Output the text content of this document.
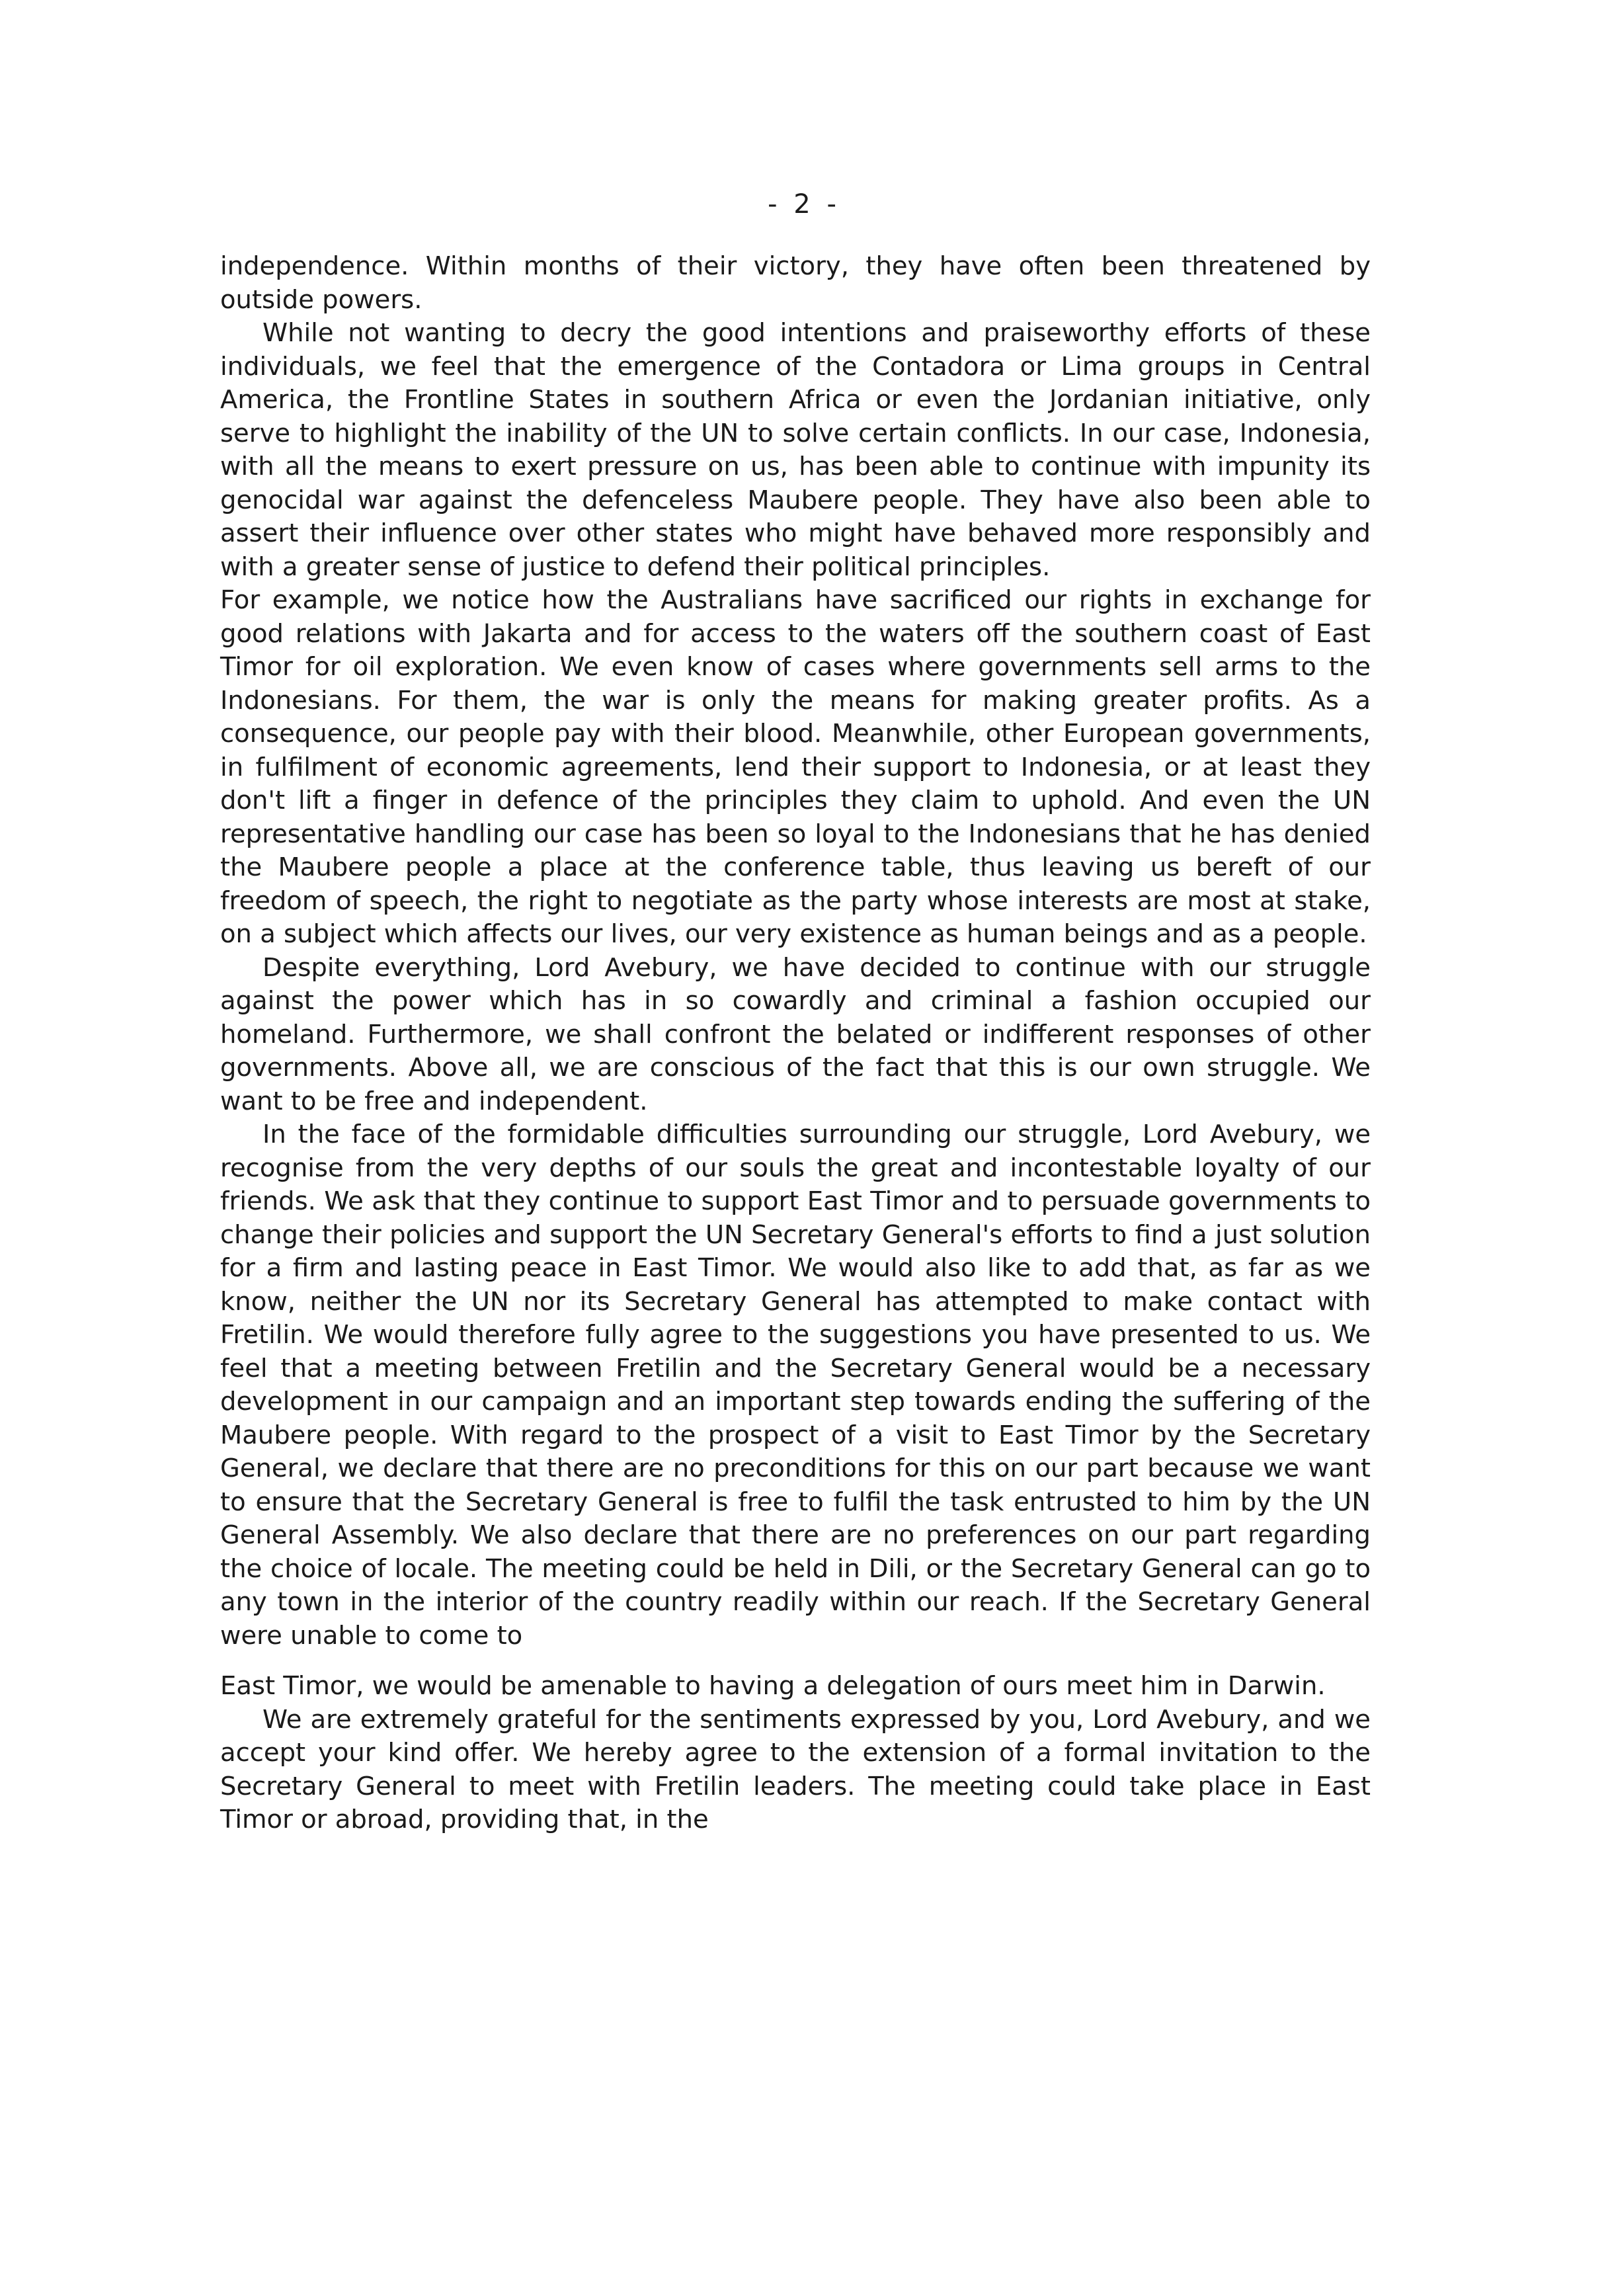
- 2 -

independence. Within months of their victory, they have often been threatened by outside powers.

While not wanting to decry the good intentions and praiseworthy efforts of these individuals, we feel that the emergence of the Contadora or Lima groups in Central America, the Frontline States in southern Africa or even the Jordanian initiative, only serve to highlight the inability of the UN to solve certain conflicts. In our case, Indonesia, with all the means to exert pressure on us, has been able to continue with impunity its genocidal war against the defenceless Maubere people. They have also been able to assert their influence over other states who might have behaved more responsibly and with a greater sense of justice to defend their political principles.

For example, we notice how the Australians have sacrificed our rights in exchange for good relations with Jakarta and for access to the waters off the southern coast of East Timor for oil exploration. We even know of cases where governments sell arms to the Indonesians. For them, the war is only the means for making greater profits. As a consequence, our people pay with their blood. Meanwhile, other European governments, in fulfilment of economic agreements, lend their support to Indonesia, or at least they don't lift a finger in defence of the principles they claim to uphold. And even the UN representative handling our case has been so loyal to the Indonesians that he has denied the Maubere people a place at the conference table, thus leaving us bereft of our freedom of speech, the right to negotiate as the party whose interests are most at stake, on a subject which affects our lives, our very existence as human beings and as a people.

Despite everything, Lord Avebury, we have decided to continue with our struggle against the power which has in so cowardly and criminal a fashion occupied our homeland. Furthermore, we shall confront the belated or indifferent responses of other governments. Above all, we are conscious of the fact that this is our own struggle. We want to be free and independent.

In the face of the formidable difficulties surrounding our struggle, Lord Avebury, we recognise from the very depths of our souls the great and incontestable loyalty of our friends. We ask that they continue to support East Timor and to persuade governments to change their policies and support the UN Secretary General's efforts to find a just solution for a firm and lasting peace in East Timor. We would also like to add that, as far as we know, neither the UN nor its Secretary General has attempted to make contact with Fretilin. We would therefore fully agree to the suggestions you have presented to us. We feel that a meeting between Fretilin and the Secretary General would be a necessary development in our campaign and an important step towards ending the suffering of the Maubere people. With regard to the prospect of a visit to East Timor by the Secretary General, we declare that there are no preconditions for this on our part because we want to ensure that the Secretary General is free to fulfil the task entrusted to him by the UN General Assembly. We also declare that there are no preferences on our part regarding the choice of locale. The meeting could be held in Dili, or the Secretary General can go to any town in the interior of the country readily within our reach. If the Secretary General were unable to come to

East Timor, we would be amenable to having a delegation of ours meet him in Darwin.

We are extremely grateful for the sentiments expressed by you, Lord Avebury, and we accept your kind offer. We hereby agree to the extension of a formal invitation to the Secretary General to meet with Fretilin leaders. The meeting could take place in East Timor or abroad, providing that, in the
